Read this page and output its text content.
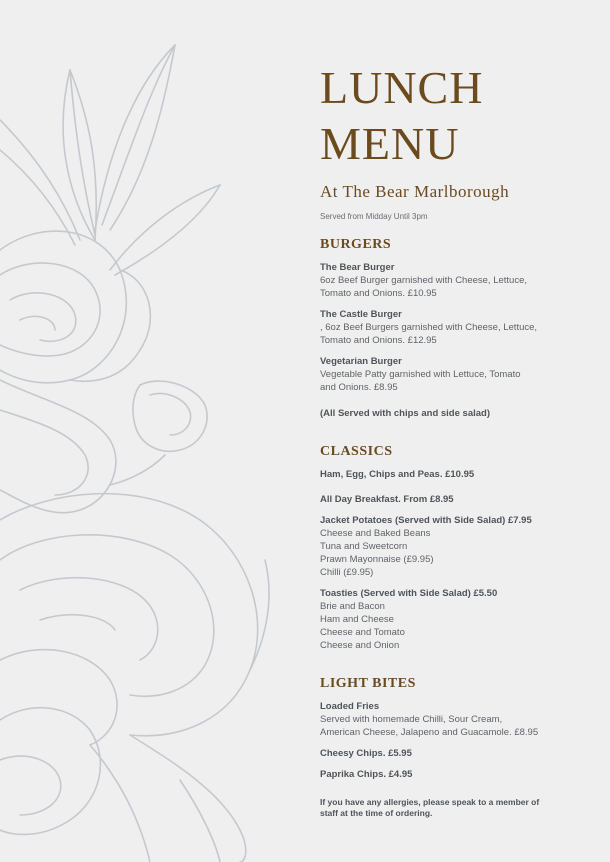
LUNCH
MENU
At The Bear Marlborough
Served from Midday Until 3pm
BURGERS
The Bear Burger
6oz Beef Burger garnished with Cheese, Lettuce,
Tomato and Onions. £10.95
The Castle Burger
, 6oz Beef Burgers garnished with Cheese, Lettuce,
Tomato and Onions. £12.95
Vegetarian Burger
Vegetable Patty garnished with Lettuce, Tomato
and Onions. £8.95
(All Served with chips and side salad)
CLASSICS
Ham, Egg, Chips and Peas. £10.95
All Day Breakfast. From £8.95
Jacket Potatoes (Served with Side Salad) £7.95
Cheese and Baked Beans
Tuna and Sweetcorn
Prawn Mayonnaise (£9.95)
Chilli (£9.95)
Toasties (Served with Side Salad) £5.50
Brie and Bacon
Ham and Cheese
Cheese and Tomato
Cheese and Onion
LIGHT BITES
Loaded Fries
Served with homemade Chilli, Sour Cream,
American Cheese, Jalapeno and Guacamole. £8.95
Cheesy Chips. £5.95
Paprika Chips. £4.95
If you have any allergies, please speak to a member of
staff at the time of ordering.
